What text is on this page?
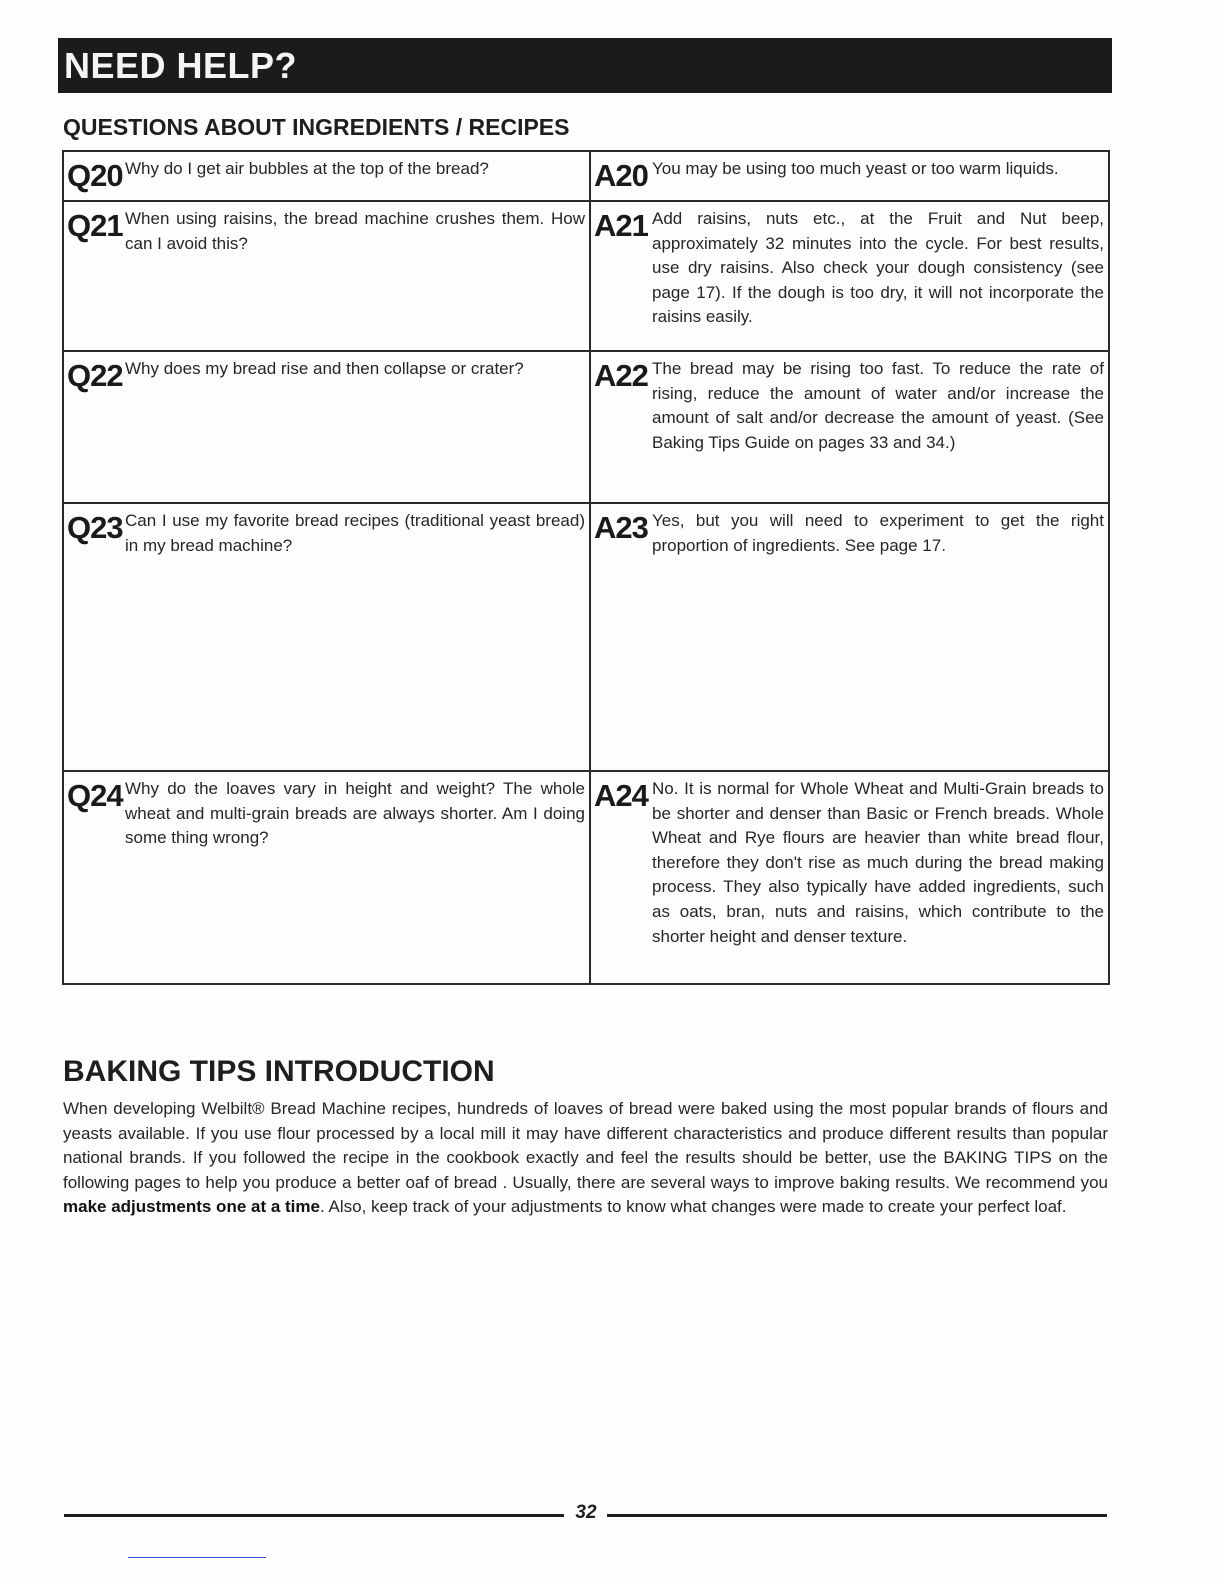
NEED HELP?
QUESTIONS ABOUT INGREDIENTS / RECIPES
Q20 Why do I get air bubbles at the top of the bread?	A20 You may be using too much yeast or too warm liquids.

Q21 When using raisins, the bread machine crushes them. How can I avoid this?	A21 Add raisins, nuts etc., at the Fruit and Nut beep, approximately 32 minutes into the cycle. For best results, use dry raisins. Also check your dough consistency (see page 17). If the dough is too dry, it will not incorporate the raisins easily.

Q22 Why does my bread rise and then collapse or crater?	A22 The bread may be rising too fast. To reduce the rate of rising, reduce the amount of water and/or increase the amount of salt and/or decrease the amount of yeast. (See Baking Tips Guide on pages 33 and 34.)

Q23 Can I use my favorite bread recipes (traditional yeast bread) in my bread machine?	A23 Yes, but you will need to experiment to get the right proportion of ingredients. See page 17.

Q24 Why do the loaves vary in height and weight? The whole wheat and multi-grain breads are always shorter. Am I doing some thing wrong?	A24 No. It is normal for Whole Wheat and Multi-Grain breads to be shorter and denser than Basic or French breads. Whole Wheat and Rye flours are heavier than white bread flour, therefore they don't rise as much during the bread making process. They also typically have added ingredients, such as oats, bran, nuts and raisins, which contribute to the shorter height and denser texture.
BAKING TIPS INTRODUCTION

When developing Welbilt® Bread Machine recipes, hundreds of loaves of bread were baked using the most popular brands of flours and yeasts available. If you use flour processed by a local mill it may have different characteristics and produce different results than popular national brands. If you followed the recipe in the cookbook exactly and feel the results should be better, use the BAKING TIPS on the following pages to help you produce a better oaf of bread . Usually, there are several ways to improve baking results. We recommend you make adjustments one at a time. Also, keep track of your adjustments to know what changes were made to create your perfect loaf.

32
